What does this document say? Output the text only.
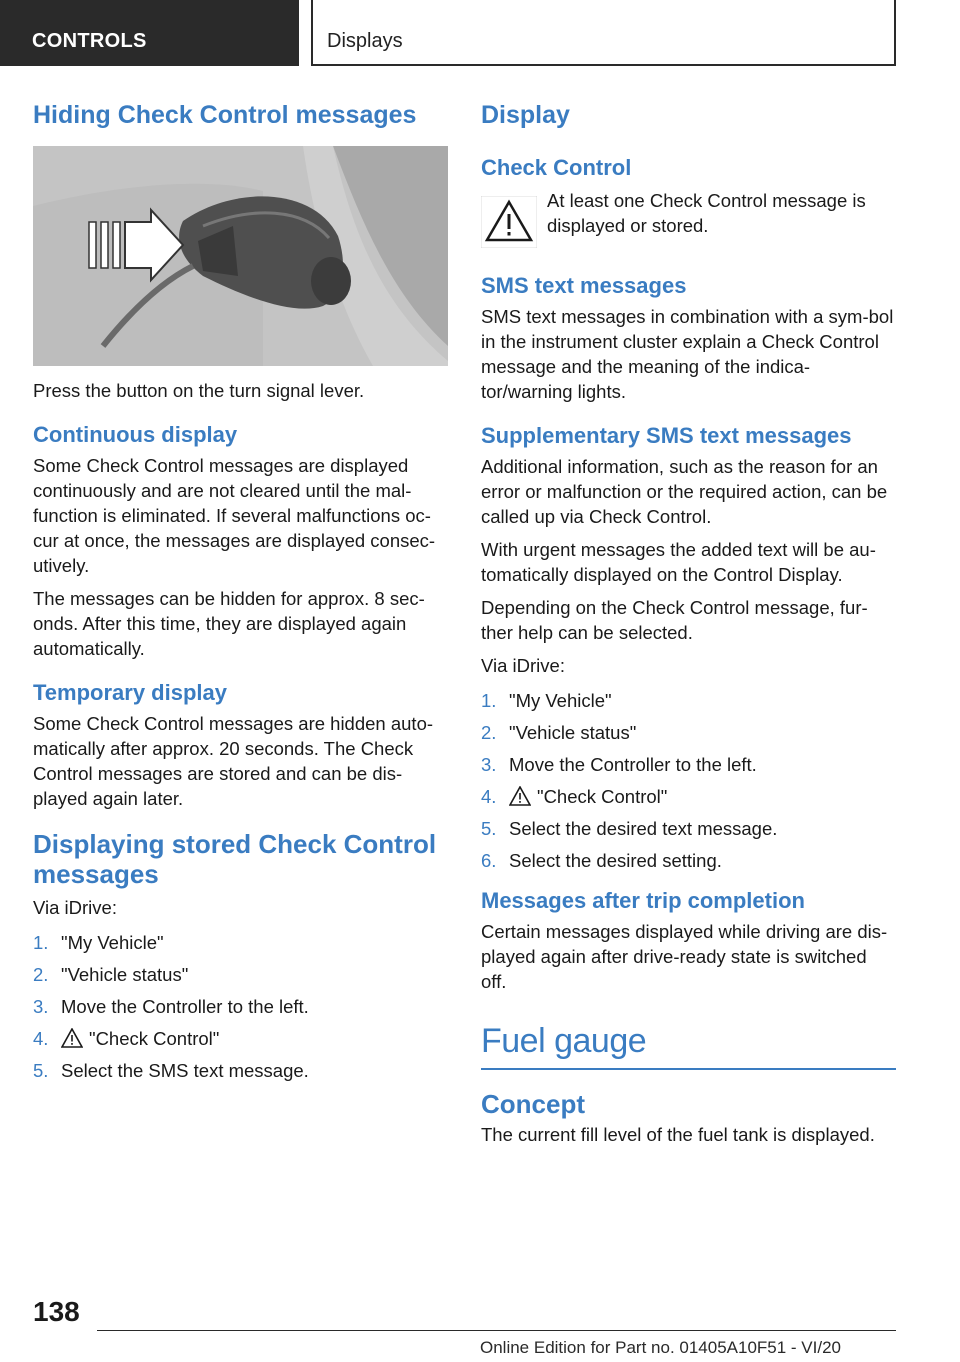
CONTROLS	Displays
Hiding Check Control messages

Press the button on the turn signal lever.

Continuous display

Some Check Control messages are displayed continuously and are not cleared until the mal-function is eliminated. If several malfunctions oc-cur at once, the messages are displayed consec-utively.

The messages can be hidden for approx. 8 sec-onds. After this time, they are displayed again automatically.

Temporary display

Some Check Control messages are hidden auto-matically after approx. 20 seconds. The Check Control messages are stored and can be dis-played again later.

Displaying stored Check Control messages

Via iDrive:

1. "My Vehicle"
2. "Vehicle status"
3. Move the Controller to the left.
4. "Check Control"
5. Select the SMS text message.
Display
Check Control

At least one Check Control message is displayed or stored.

SMS text messages

SMS text messages in combination with a sym-bol in the instrument cluster explain a Check Control message and the meaning of the indica-tor/warning lights.

Supplementary SMS text messages

Additional information, such as the reason for an error or malfunction or the required action, can be called up via Check Control.

With urgent messages the added text will be au-tomatically displayed on the Control Display.

Depending on the Check Control message, fur-ther help can be selected.

Via iDrive:

1. "My Vehicle"
2. "Vehicle status"
3. Move the Controller to the left.
4. "Check Control"
5. Select the desired text message.
6. Select the desired setting.
Messages after trip completion

Certain messages displayed while driving are dis-played again after drive-ready state is switched off.

Fuel gauge
Concept

The current fill level of the fuel tank is displayed.

138
Online Edition for Part no. 01405A10F51 - VI/20
